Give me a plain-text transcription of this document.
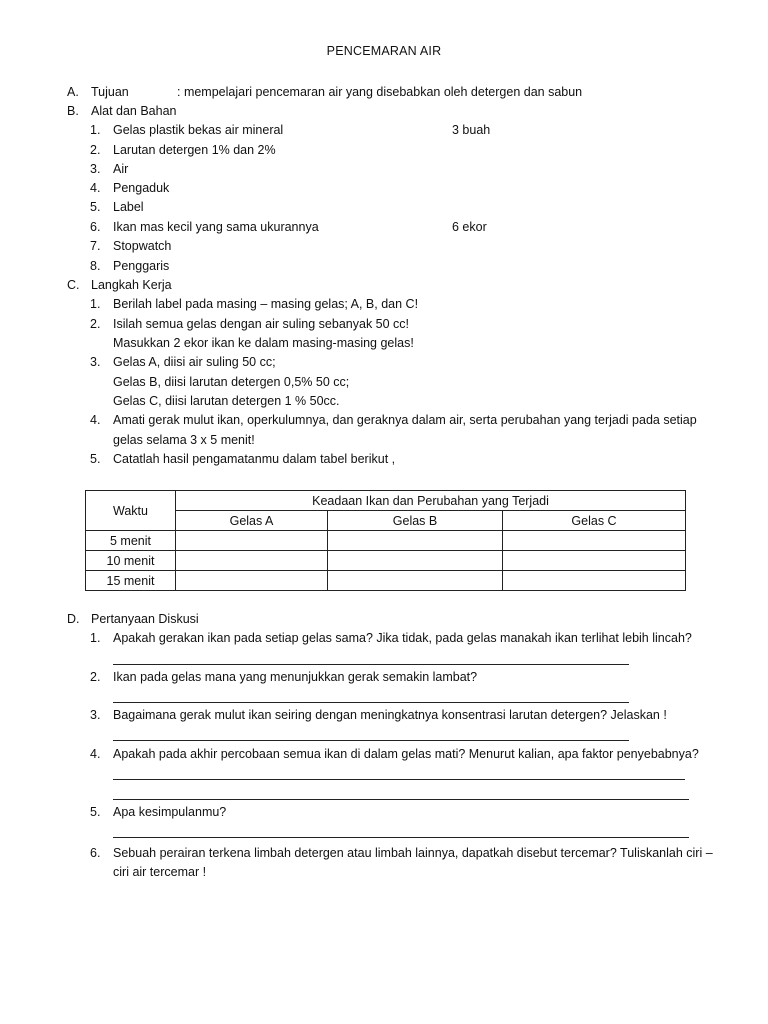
PENCEMARAN AIR
A. Tujuan	: mempelajari pencemaran air yang disebabkan oleh detergen dan sabun
B. Alat dan Bahan
1. Gelas plastik bekas air mineral	3 buah
2. Larutan detergen 1% dan 2%
3. Air
4. Pengaduk
5. Label
6. Ikan mas kecil yang sama ukurannya	6 ekor
7. Stopwatch
8. Penggaris
C. Langkah Kerja
1. Berilah label pada masing – masing gelas; A, B, dan C!
2. Isilah semua gelas dengan air suling sebanyak 50 cc!
Masukkan 2 ekor ikan ke dalam masing-masing gelas!
3. Gelas A, diisi air suling 50 cc;
Gelas B, diisi larutan detergen 0,5% 50 cc;
Gelas C, diisi larutan detergen 1 % 50cc.
4. Amati gerak mulut ikan, operkulumnya, dan geraknya dalam air, serta perubahan yang terjadi pada setiap
gelas selama 3 x 5 menit!
5. Catatlah hasil pengamatanmu dalam tabel berikut ,
Waktu	Keadaan Ikan dan Perubahan yang Terjadi		
	Gelas A	Gelas B	Gelas C
5 menit			
10 menit			
15 menit			
D. Pertanyaan Diskusi
1. Apakah gerakan ikan pada setiap gelas sama? Jika tidak, pada gelas manakah ikan terlihat lebih lincah?
2. Ikan pada gelas mana yang menunjukkan gerak semakin lambat?
3. Bagaimana gerak mulut ikan seiring dengan meningkatnya konsentrasi larutan detergen? Jelaskan !
4. Apakah pada akhir percobaan semua ikan di dalam gelas mati? Menurut kalian, apa faktor penyebabnya?
5. Apa kesimpulanmu?
6. Sebuah perairan terkena limbah detergen atau limbah lainnya, dapatkah disebut tercemar? Tuliskanlah ciri –
ciri air tercemar !
